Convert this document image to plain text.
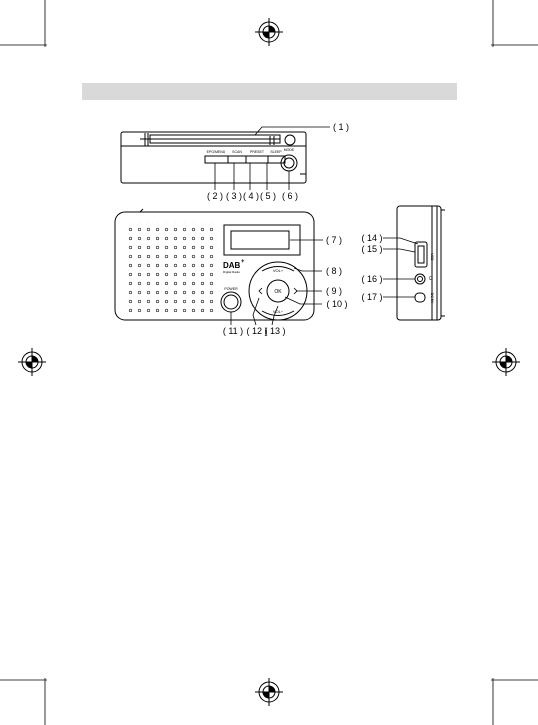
EPG/MENU SCAN PRESET SLEEP MODE
DAB +
Digital Radio	VOL+
VOL−
OK
POWER
USB
Ω
DC 5V
( 1 )
( 2 ) ( 3 ) ( 4 ) ( 5 ) ( 6 )
( 7 )
( 8 )
( 9 )
( 10 )
( 11 ) ( 12 )
( 13 )
( 14 )
( 15 )
( 16 )
( 17 )
